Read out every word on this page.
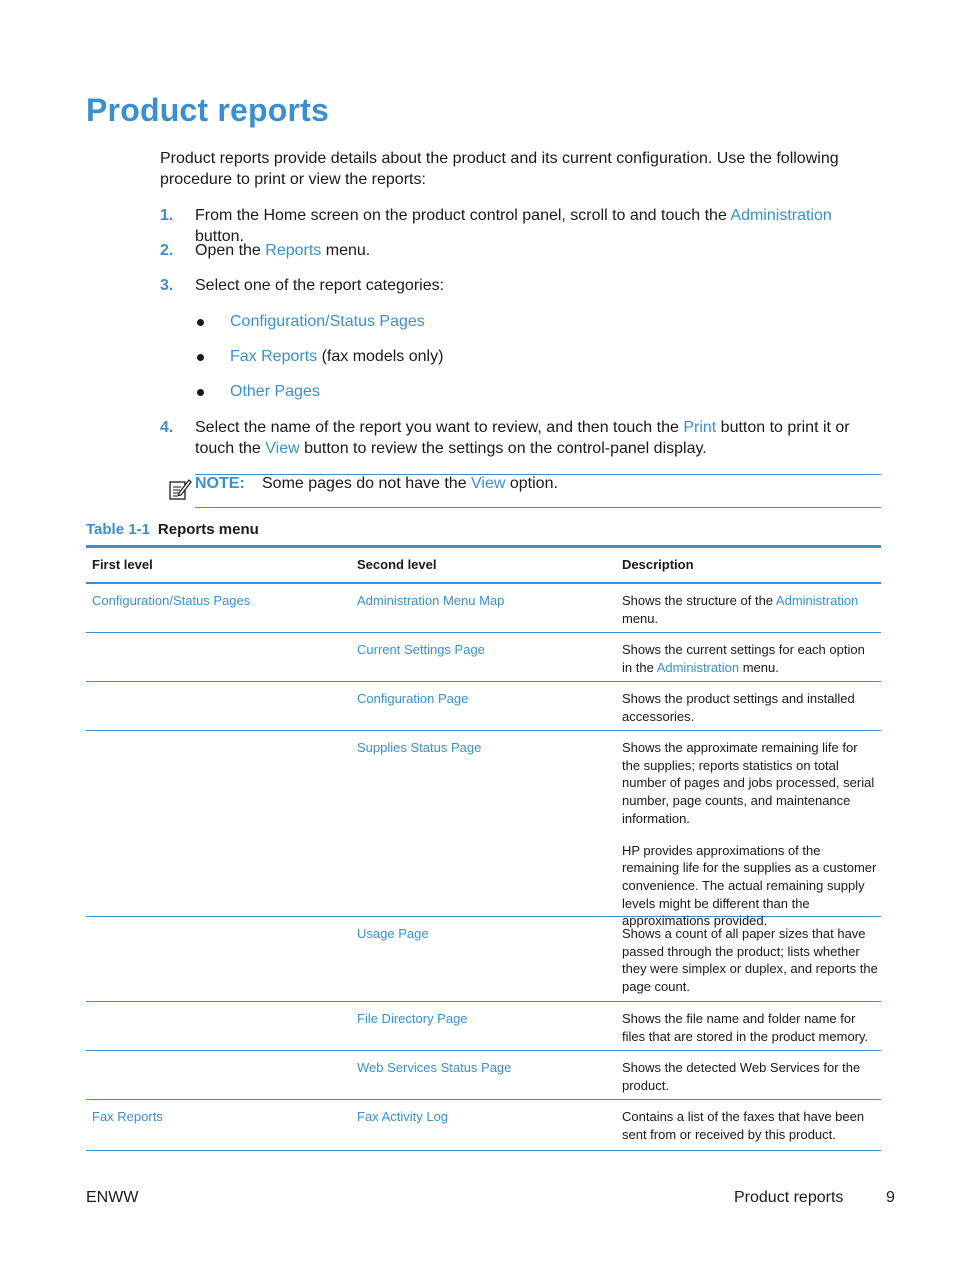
Product reports

Product reports provide details about the product and its current configuration. Use the following procedure to print or view the reports:

1. From the Home screen on the product control panel, scroll to and touch the Administration button.
2. Open the Reports menu.
3. Select one of the report categories:
Configuration/Status Pages
Fax Reports (fax models only)
Other Pages
4. Select the name of the report you want to review, and then touch the Print button to print it or touch the View button to review the settings on the control-panel display.
NOTE: Some pages do not have the View option.
Table 1-1 Reports menu
First level	Second level	Description
Configuration/Status Pages	Administration Menu Map	Shows the structure of the Administration menu.
Current Settings Page	Shows the current settings for each option in the Administration menu.
Configuration Page	Shows the product settings and installed accessories.
Supplies Status Page	Shows the approximate remaining life for the supplies; reports statistics on total number of pages and jobs processed, serial number, page counts, and maintenance information.

HP provides approximations of the remaining life for the supplies as a customer convenience. The actual remaining supply levels might be different than the approximations provided.

Usage Page	Shows a count of all paper sizes that have passed through the product; lists whether they were simplex or duplex, and reports the page count.
File Directory Page	Shows the file name and folder name for files that are stored in the product memory.
Web Services Status Page	Shows the detected Web Services for the product.
Fax Reports	Fax Activity Log	Contains a list of the faxes that have been sent from or received by this product.
ENWW	Product reports	9
